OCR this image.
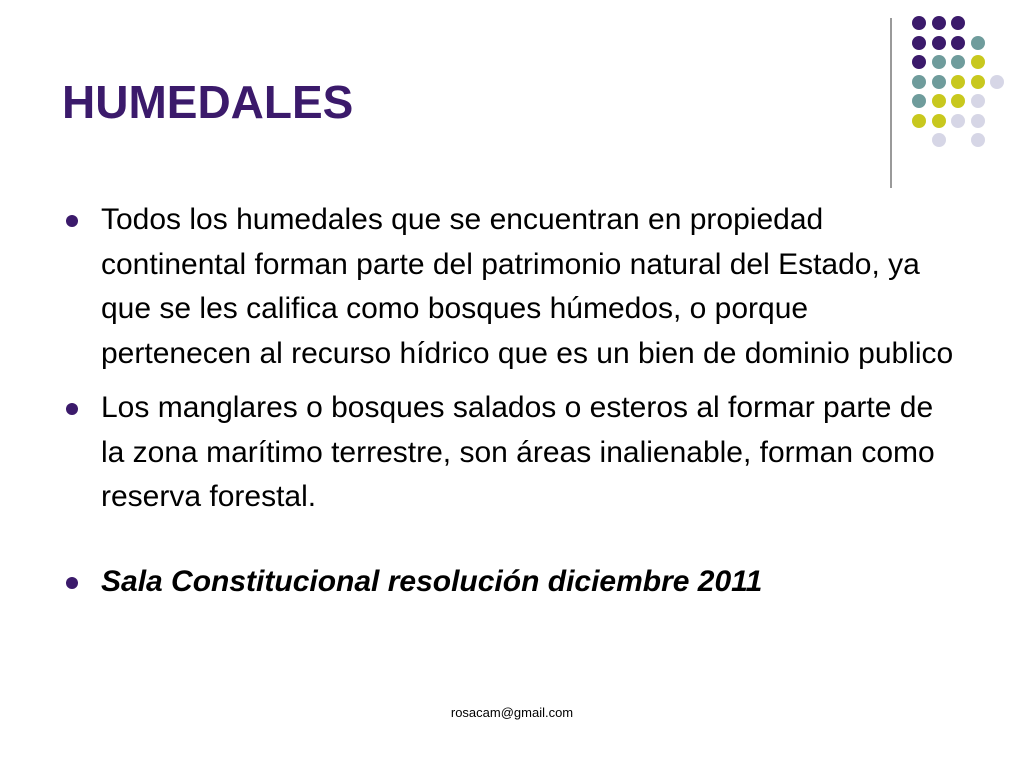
HUMEDALES
Todos los humedales que se encuentran en propiedad continental forman parte del patrimonio natural del Estado, ya que se les califica como bosques húmedos, o porque pertenecen al recurso hídrico que es un bien de dominio publico
Los manglares o bosques salados o esteros al formar parte de la zona marítimo terrestre, son áreas inalienable, forman como reserva forestal.
Sala Constitucional resolución diciembre 2011
rosacam@gmail.com
